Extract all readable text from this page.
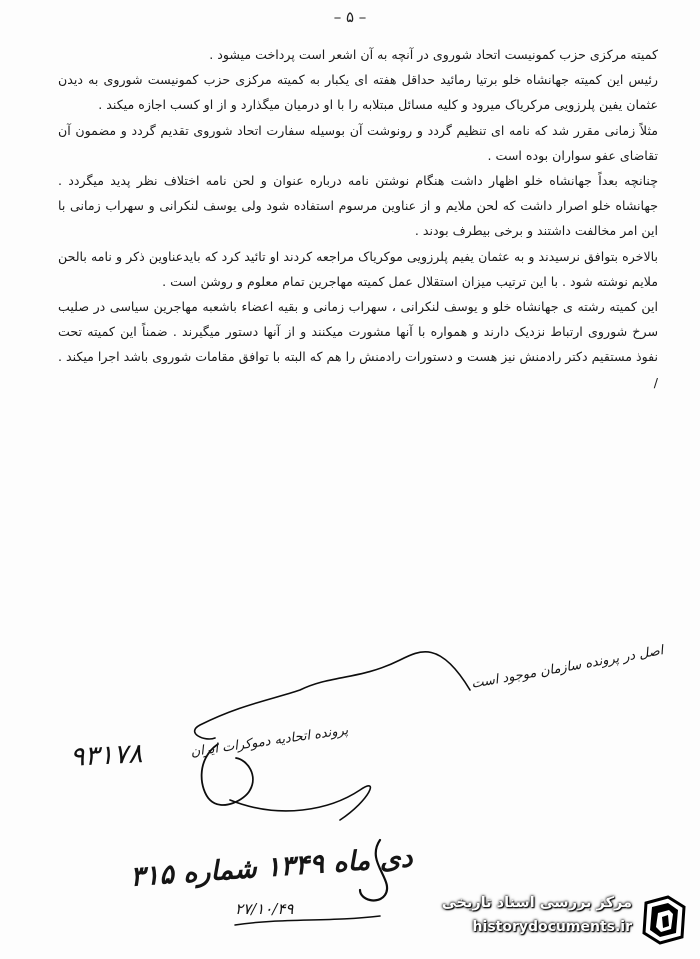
– ۵ –

کمیته مرکزی حزب کمونیست اتحاد شوروی در آنچه به آن اشعر است پرداخت میشود .

رئیس این کمیته جهانشاه خلو برتیا رمائید حداقل هفته ای یکبار به کمیته مرکزی حزب کمونیست شوروی به دیدن عثمان یفین پلرزویی مرکریاک میرود و کلیه مسائل مبتلابه را با او درمیان میگذارد و از او کسب اجازه میکند .

مثلاً زمانی مقرر شد که نامه ای تنظیم گردد و رونوشت آن بوسیله سفارت اتحاد شوروی تقدیم گردد و مضمون آن تقاضای عفو سواران بوده است .

چنانچه بعداً جهانشاه خلو اظهار داشت هنگام نوشتن نامه درباره عنوان و لحن نامه اختلاف نظر پدید میگردد . جهانشاه خلو اصرار داشت که لحن ملایم و از عناوین مرسوم استفاده شود ولی یوسف لنکرانی و سهراب زمانی با این امر مخالفت داشتند و برخی بیطرف بودند .

بالاخره بتوافق نرسیدند و به عثمان یفیم پلرزویی موکریاک مراجعه کردند او تائید کرد که بایدعناوین ذکر و نامه بالحن ملایم نوشته شود . با این ترتیب میزان استقلال عمل کمیته مهاجرین تمام معلوم و روشن است .

این کمیته رشته ی جهانشاه خلو و یوسف لنکرانی ، سهراب زمانی و بقیه اعضاء باشعبه مهاجرین سیاسی در صلیب سرخ شوروی ارتباط نزدیک دارند و همواره با آنها مشورت میکنند و از آنها دستور میگیرند . ضمناً این کمیته تحت نفوذ مستقیم دکتر رادمنش نیز هست و دستورات رادمنش را هم که البته با توافق مقامات شوروی باشد اجرا میکند . /

اصل در پرونده سازمان موجود است
پرونده اتحادیه دموکرات ایران
۹۳۱۷۸
دی ماه ۱۳۴۹ شماره ۳۱۵
۲۷/۱۰/۴۹	مرکز بررسی اسناد تاریخی
historydocuments.ir
